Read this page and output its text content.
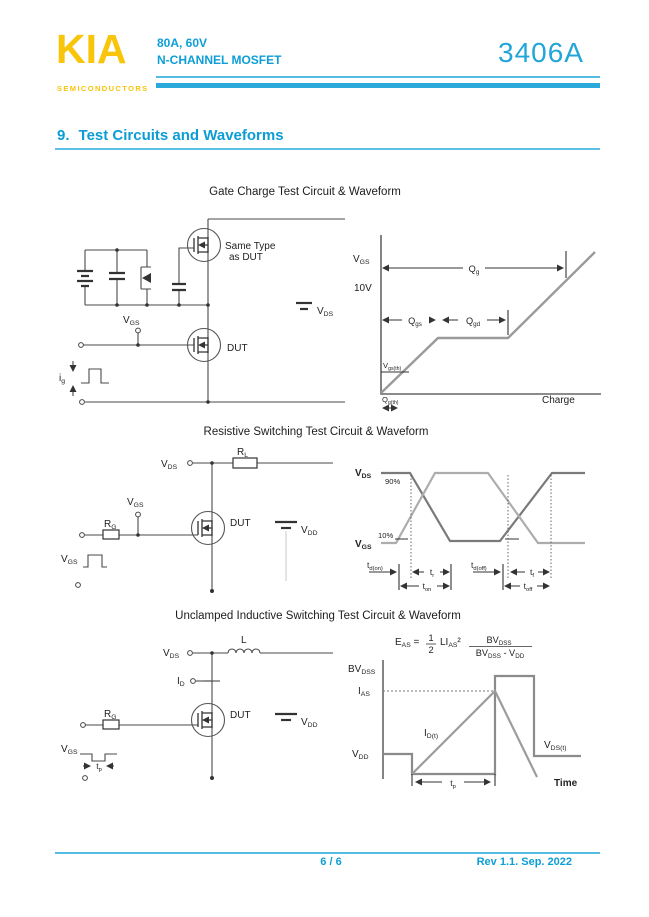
KIA
SEMICONDUCTORS
80A, 60V
N-CHANNEL MOSFET	3406A
9. Test Circuits and Waveforms
Gate Charge Test Circuit & Waveform
Same Type
as DUT
DUT
$V_{GS}$
$i_g$
$V_{DS}$
$Q_g$
$Q_{gs}$	$Q_{gd}$
$V_{gs(th)}$
$Q_{g(th)}$
$V_{GS}$
10V
Charge
Resistive Switching Test Circuit & Waveform
$V_{DS}$
$R_L$
$V_{GS}$
$R_G$	DUT
$V_{DD}$
$V_{GS}$
$V_{DS}$
$V_{GS}$
90%
10%
$t_{d(on)}$	$t_r$
$t_{on}$
$t_{d(off)}$	$t_f$
$t_{off}$
Unclamped Inductive Switching Test Circuit & Waveform
$t_p$
$V_{DS}$
L
$I_D$
$R_G$	DUT
$V_{DD}$
$V_{GS}$
$E_{AS} = 1$
2
$LI_{AS}^2$	$BV_{DSS}$
$BV_{DSS} - V_{DD}$
$t_p$
$BV_{DSS}$
$I_{AS}$
$V_{DD}$
$I_{D(t)}$
$V_{DS(t)}$
Time
6 / 6	Rev 1.1. Sep. 2022
